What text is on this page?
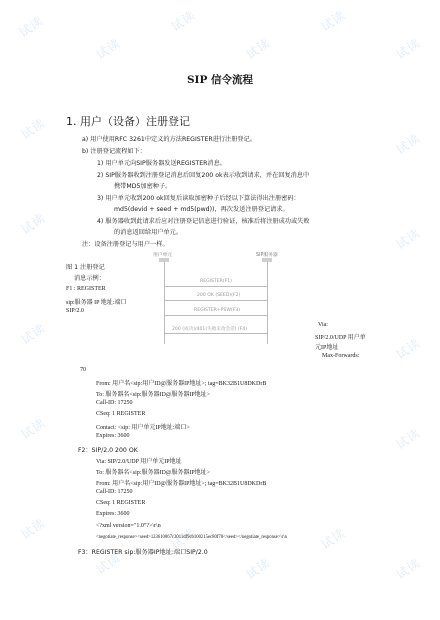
试读
试读
试读
试读
试读
试读
试读
试读
试读
试读
试读
试读
试读	试读
试读
试读
试读
试读
试读
试读
SIP 信令流程
1. 用户（设备）注册登记
a) 用户使用RFC 3261中定义的方法REGISTER进行注册登记。
b) 注册登记流程如下：
1) 用户单元向SIP服务器发送REGISTER消息。
2) SIP服务器收到注册登记消息后回复200 ok表示收到请求，并在回复消息中
携带MD5加密种子。
3) 用户单元收到200 ok回复后读取加密种子后经以下算法得出注册密码：
md5(devid + seed + md5(pwd))，再次发送注册登记请求。
4) 服务器收到此请求后应对注册登记信息进行验证，核准后将注册成功或失败
的消息返回给用户单元。
注：设备注册登记与用户一样。
用户单元	SIP服务器
REGISTER(F1)
200 OK (SEED)(F2)
REGISTER+PSW(F3)
200 (成功)/401(失败未改会话) (F4)
图 1 注册登记
消息示例：
F1 : REGISTER
sip:服务器 IP 地址:端口
SIP/2.0
Via:
SIP/2.0/UDP 用户单
元IP地址
Max-Forwards:
70
From: 用户名<sip:用户ID@服务器IP地址>; tag=BK32B1U8DKDrB
To: 服务器名<sip:服务器ID@服务器IP地址>
Call-ID: 17250
CSeq: 1 REGISTER
Contact: <sip: 用户单元IP地址:端口>
Expires: 3600
F2：SIP/2.0 200 OK
Via: SIP/2.0/UDP 用户单元IP地址
To: 服务器名<sip:服务器ID@服务器IP地址>
From: 用户名<sip:用户ID@服务器IP地址>; tag=BK32B1U8DKDrB
Call-ID: 17250
CSeq: 1 REGISTER
Expires: 3600
<?xml version="1.0"?>\r\n
<negotiate_response><seed>123610067c3011df9cb100215ec80f78</seed></negotiate_response>\r\n
F3：REGISTER sip:服务器IP地址:端口SIP/2.0
